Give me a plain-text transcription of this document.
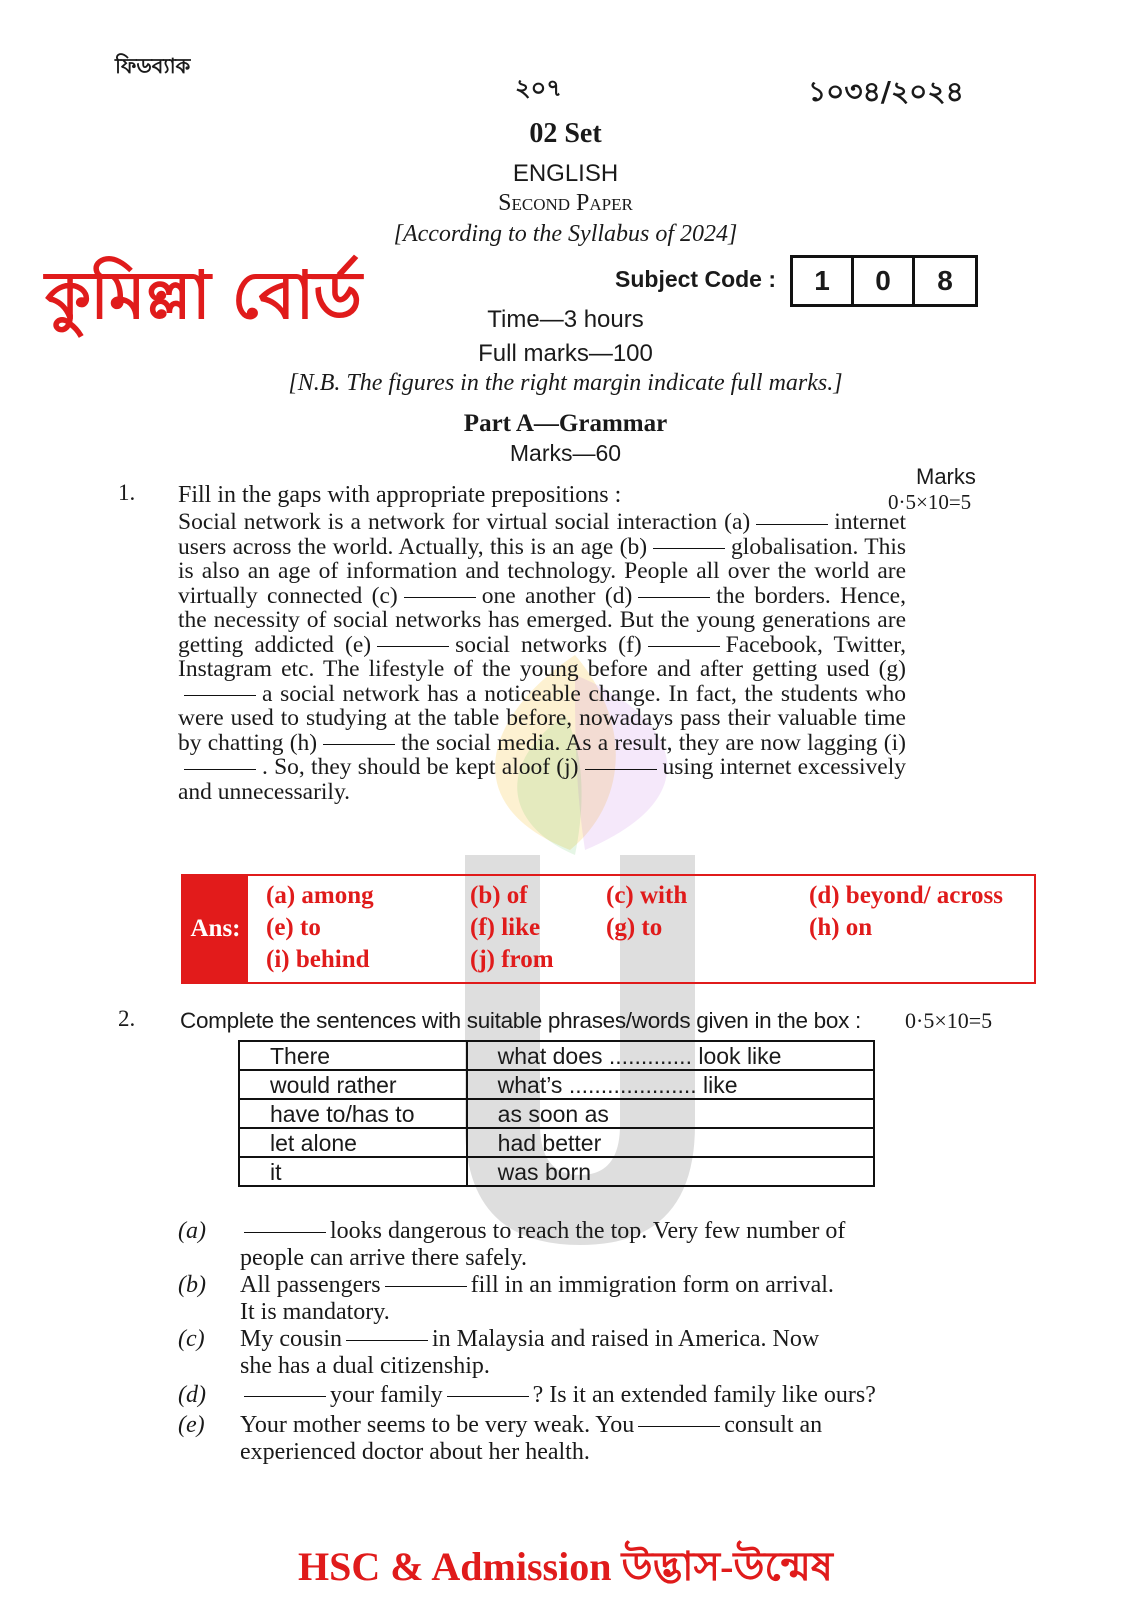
ফিডব্যাক
২০৭	১০৩৪/২০২৪
02 Set
ENGLISH
Second Paper
[According to the Syllabus of 2024]
কুমিল্লা বোর্ড	Subject Code :	1	0	8
Time—3 hours
Full marks—100
[N.B. The figures in the right margin indicate full marks.]
Part A—Grammar
Marks—60
1. Fill in the gaps with appropriate prepositions :
Marks
0·5×10=5
Social network is a network for virtual social interaction (a)	internet users across the world. Actually, this is an age (b)	globalisation. This is also an age of information and technology. People all over the world are virtually connected (c)	one another (d)	the borders. Hence, the necessity of social networks has emerged. But the young generations are getting addicted (e)	social networks (f)	Facebook, Twitter, Instagram etc. The lifestyle of the young before and after getting used (g)a social network has a noticeable change. In fact, the students who were used to studying at the table before, nowadays pass their valuable time by chatting (h)	the social media. As a result, they are now lagging (i). So, they should be kept aloof (j)	using internet excessively and unnecessarily.
Ans:
(a) among	(b) of	(c) with	(d) beyond/ across
(e) to	(f) like	(g) to	(h) on
(i) behind	(j) from
2. Complete the sentences with suitable phrases/words given in the box : 0·5×10=5
There	what does ............. look like
would rather	what’s .................... like
have to/has to	as soon as
let alone	had better
it	was born
(a)	looks dangerous to reach the top. Very few number of
people can arrive there safely.
(b) All passengers	fill in an immigration form on arrival.
It is mandatory.
(c) My cousin	in Malaysia and raised in America. Now
she has a dual citizenship.
(d)	your family	? Is it an extended family like ours?
(e) Your mother seems to be very weak. You	consult an
experienced doctor about her health.
HSC & Admission উদ্ভাস-উন্মেষ
